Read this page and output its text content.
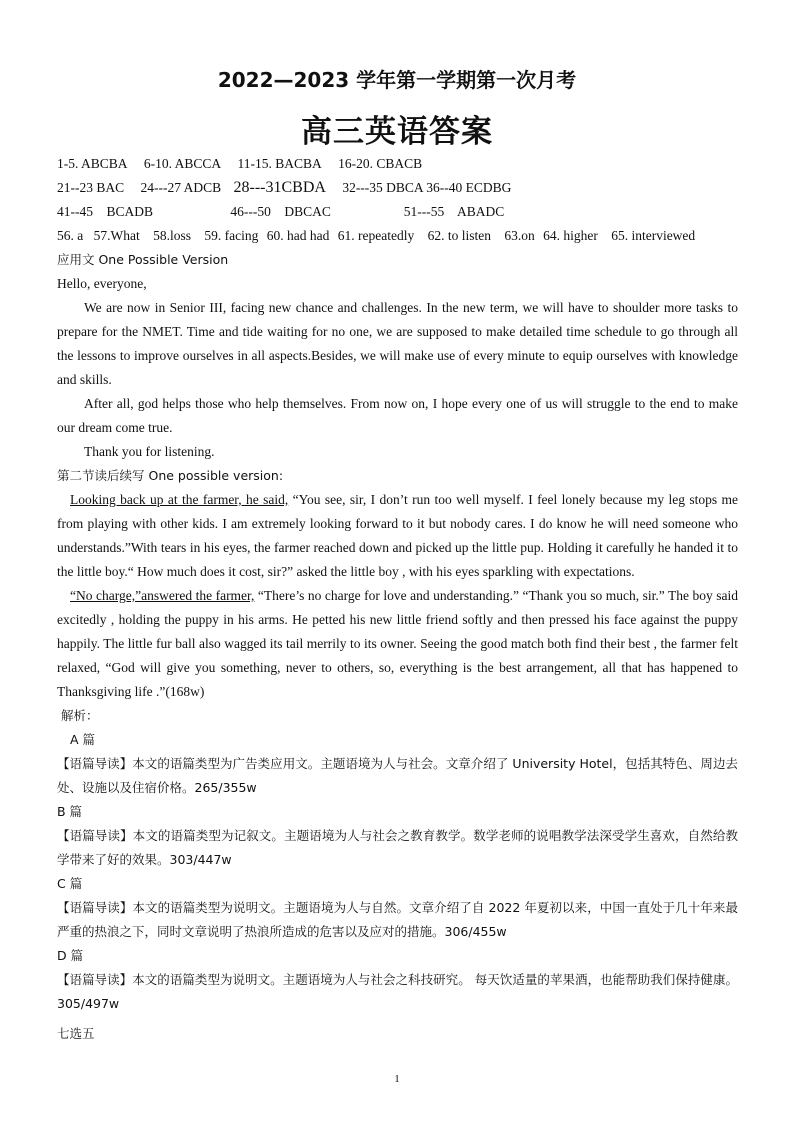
2022—2023 学年第一学期第一次月考
高三英语答案
1-5. ABCBA 6-10. ABCCA 11-15. BACBA 16-20. CBACB
21--23 BAC 24---27 ADCB 28---31CBDA 32---35 DBCA 36--40 ECDBG
41--45    BCADB	46---50    DBCAC	51---55    ABADC
56. a 57.What 58.loss 59. facing 60. had had 61. repeatedly 62. to listen 63.on 64. higher 65. interviewed
应用文 One Possible Version
Hello, everyone,

We are now in Senior III, facing new chance and challenges. In the new term, we will have to shoulder more tasks to prepare for the NMET. Time and tide waiting for no one, we are supposed to make detailed time schedule to go through all the lessons to improve ourselves in all aspects.Besides, we will make use of every minute to equip ourselves with knowledge and skills.

After all, god helps those who help themselves. From now on, I hope every one of us will struggle to the end to make our dream come true.

Thank you for listening.

第二节读后续写 One possible version:

Looking back up at the farmer, he said, “You see, sir, I don’t run too well myself. I feel lonely because my leg stops me from playing with other kids. I am extremely looking forward to it but nobody cares. I do know he will need someone who understands.”With tears in his eyes, the farmer reached down and picked up the little pup. Holding it carefully he handed it to the little boy.“ How much does it cost, sir?” asked the little boy , with his eyes sparkling with expectations.

“No charge,”answered the farmer, “There’s no charge for love and understanding.” “Thank you so much, sir.” The boy said excitedly , holding the puppy in his arms. He petted his new little friend softly and then pressed his face against the puppy happily. The little fur ball also wagged its tail merrily to its owner. Seeing the good match both find their best , the farmer felt relaxed, “God will give you something, never to others, so, everything is the best arrangement, all that has happened to Thanksgiving life .”(168w)

解析：
A 篇

【语篇导读】本文的语篇类型为广告类应用文。主题语境为人与社会。文章介绍了 University Hotel，包括其特色、周边去处、设施以及住宿价格。265/355w

B 篇

【语篇导读】本文的语篇类型为记叙文。主题语境为人与社会之教育教学。数学老师的说唱教学法深受学生喜欢，自然给教学带来了好的效果。303/447w

C 篇

【语篇导读】本文的语篇类型为说明文。主题语境为人与自然。文章介绍了自 2022 年夏初以来，中国一直处于几十年来最严重的热浪之下，同时文章说明了热浪所造成的危害以及应对的措施。306/455w

D 篇

【语篇导读】本文的语篇类型为说明文。主题语境为人与社会之科技研究。 每天饮适量的苹果酒，也能帮助我们保持健康。305/497w

七选五
1
